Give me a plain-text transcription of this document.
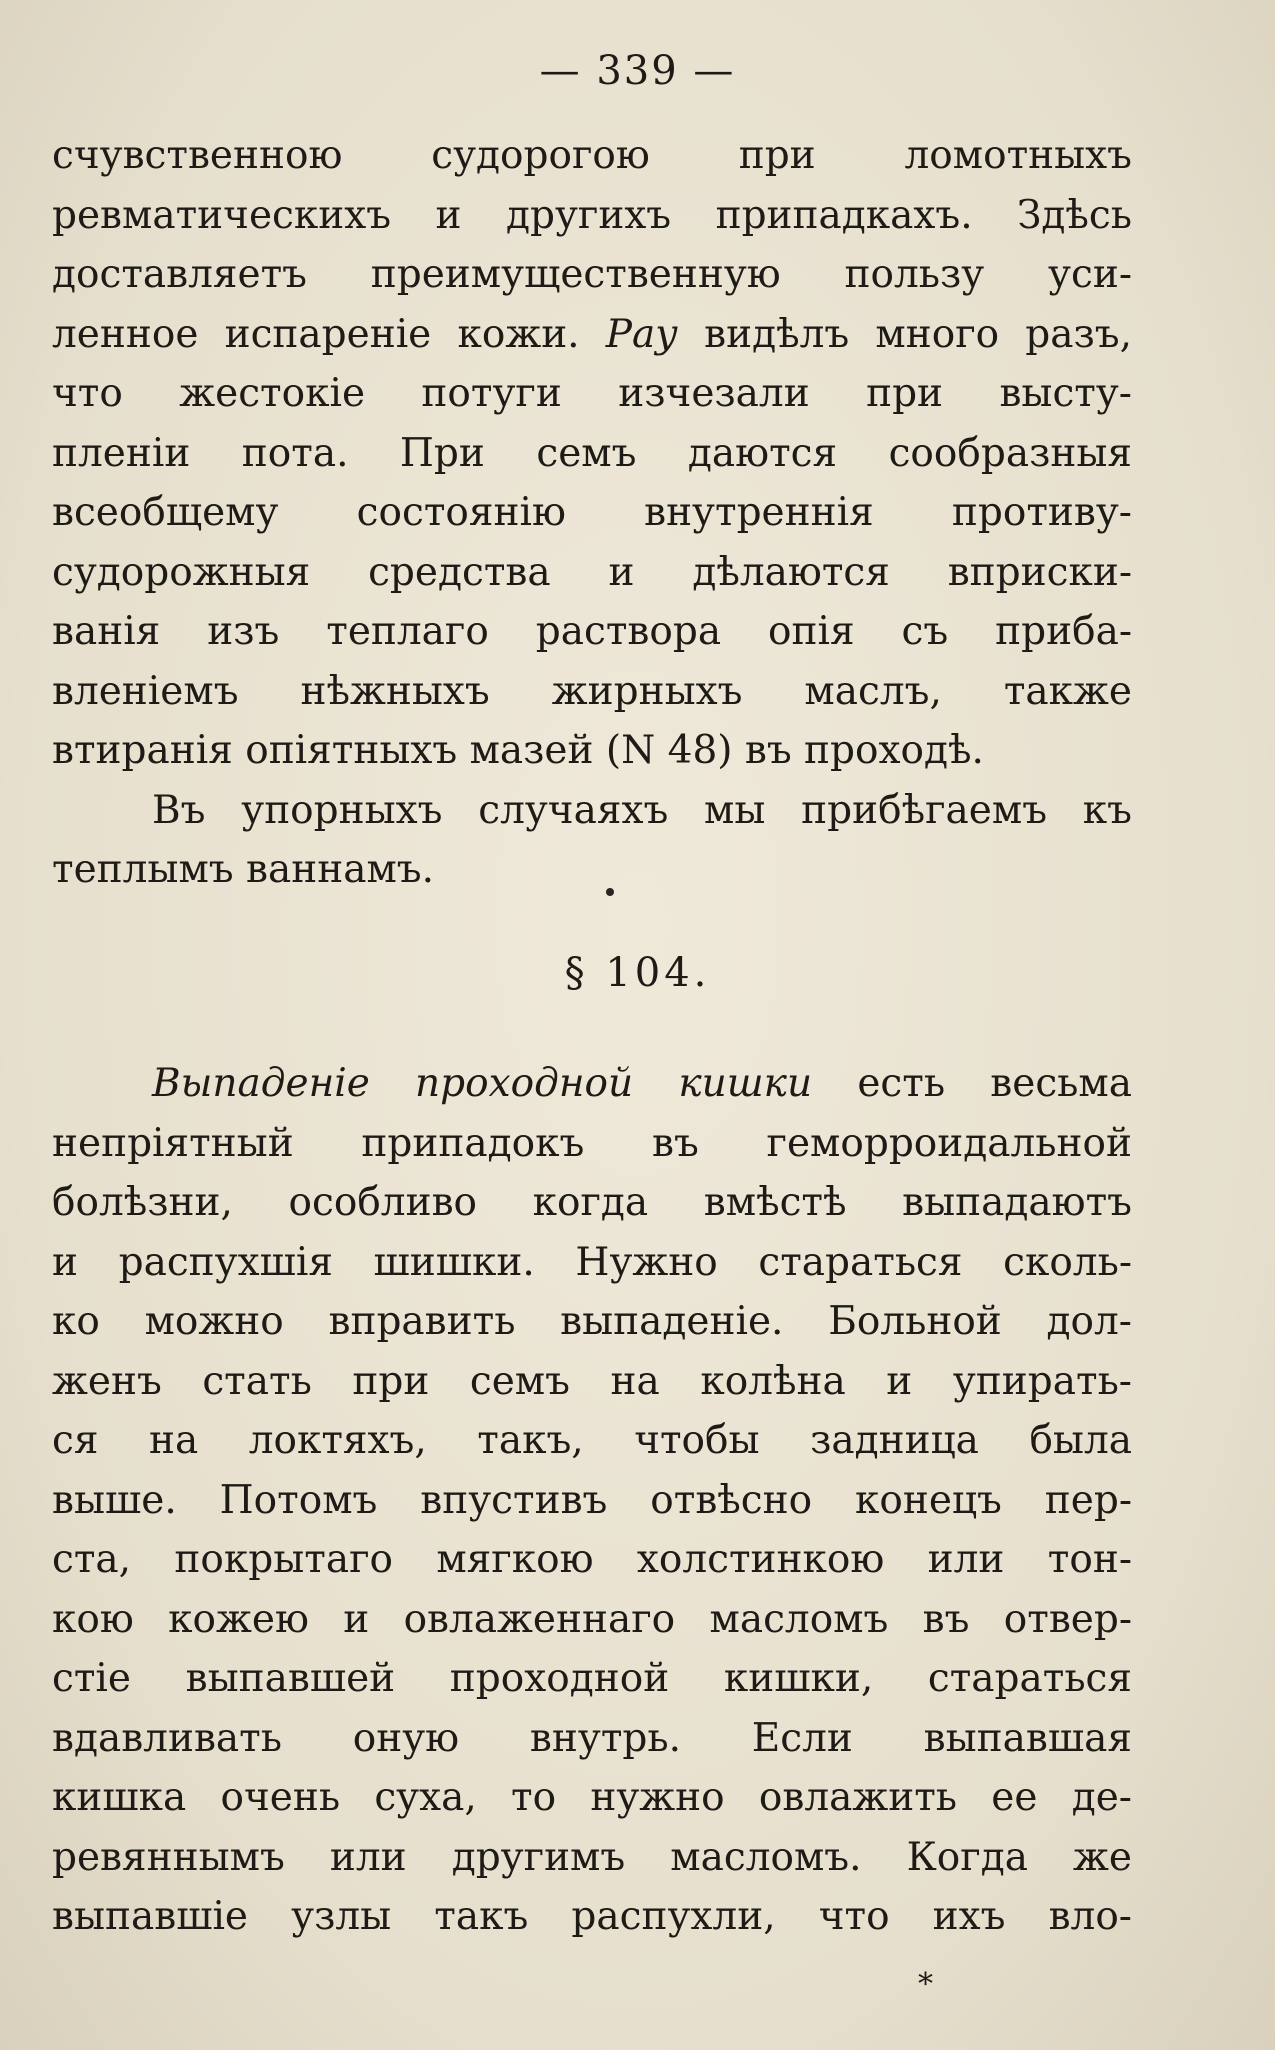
— 339 —
счувственною судорогою при ломотныхъ
ревматическихъ и другихъ припадкахъ. Здѣсь
доставляетъ преимущественную пользу уси-
ленное испареніе кожи. Рау видѣлъ много разъ,
что жестокіе потуги изчезали при высту-
пленіи пота. При семъ даются сообразныя
всеобщему состоянію внутреннія противу-
судорожныя средства и дѣлаются вприски-
ванія изъ теплаго раствора опія съ приба-
вленіемъ нѣжныхъ жирныхъ маслъ, также
втиранія опіятныхъ мазей (N 48) въ проходѣ.
Въ упорныхъ случаяхъ мы прибѣгаемъ къ
теплымъ ваннамъ.
§ 104.
Выпаденіе проходной кишки есть весьма
непріятный припадокъ въ геморроидальной
болѣзни, особливо когда вмѣстѣ выпадаютъ
и распухшія шишки. Нужно стараться сколь-
ко можно вправить выпаденіе. Больной дол-
женъ стать при семъ на колѣна и упирать-
ся на локтяхъ, такъ, чтобы задница была
выше. Потомъ впустивъ отвѣсно конецъ пер-
ста, покрытаго мягкою холстинкою или тон-
кою кожею и овлаженнаго масломъ въ отвер-
стіе выпавшей проходной кишки, стараться
вдавливать оную внутрь. Если выпавшая
кишка очень суха, то нужно овлажить ее де-
ревяннымъ или другимъ масломъ. Когда же
выпавшіе узлы такъ распухли, что ихъ вло-
*
